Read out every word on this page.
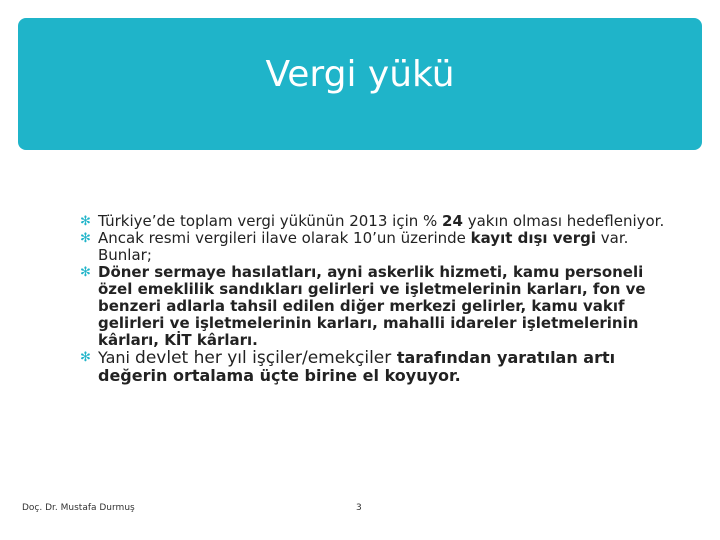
Vergi yükü
✻ Türkiye’de toplam vergi yükünün 2013 için % 24 yakın olması hedefleniyor.
✻ Ancak resmi vergileri ilave olarak 10’un üzerinde kayıt dışı vergi var. Bunlar;
✻ Döner sermaye hasılatları, ayni askerlik hizmeti, kamu personeli özel emeklilik sandıkları gelirleri ve işletmelerinin karları, fon ve benzeri adlarla tahsil edilen diğer merkezi gelirler, kamu vakıf gelirleri ve işletmelerinin karları, mahalli idareler işletmelerinin kârları, KİT kârları.
✻ Yani devlet her yıl işçiler/emekçiler tarafından yaratılan artı değerin ortalama üçte birine el koyuyor.
Doç. Dr. Mustafa Durmuş	3
